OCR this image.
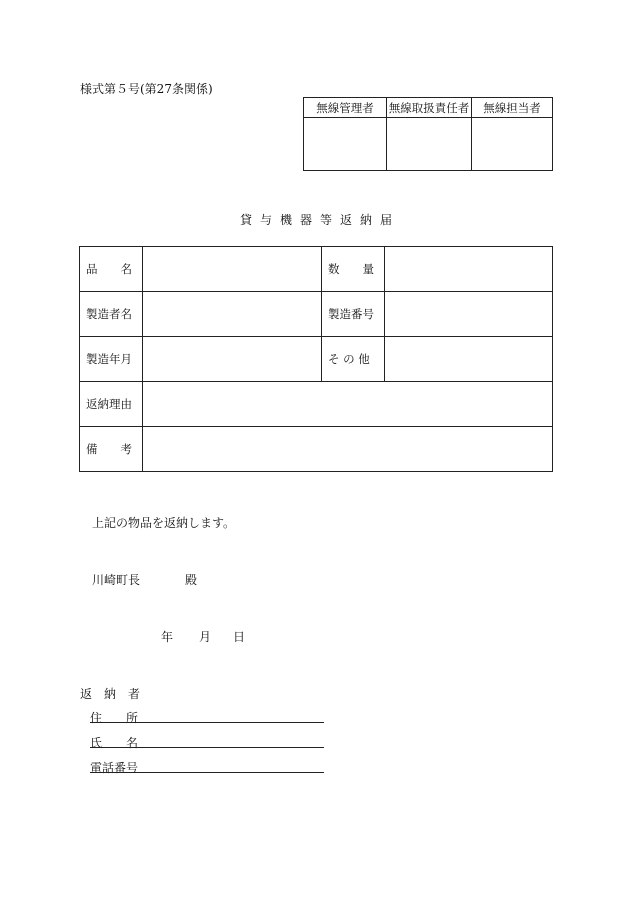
様式第５号(第27条関係)
無線管理者	無線取扱責任者	無線担当者

貸与機器等返納届
品　　名		数　　量	
製造者名		製造番号	
製造年月		そ の 他	
返納理由			
備　　考			
上記の物品を返納します。
川崎町長	殿
年 月 日
返　納　者
住　　所
氏　　名
電話番号
